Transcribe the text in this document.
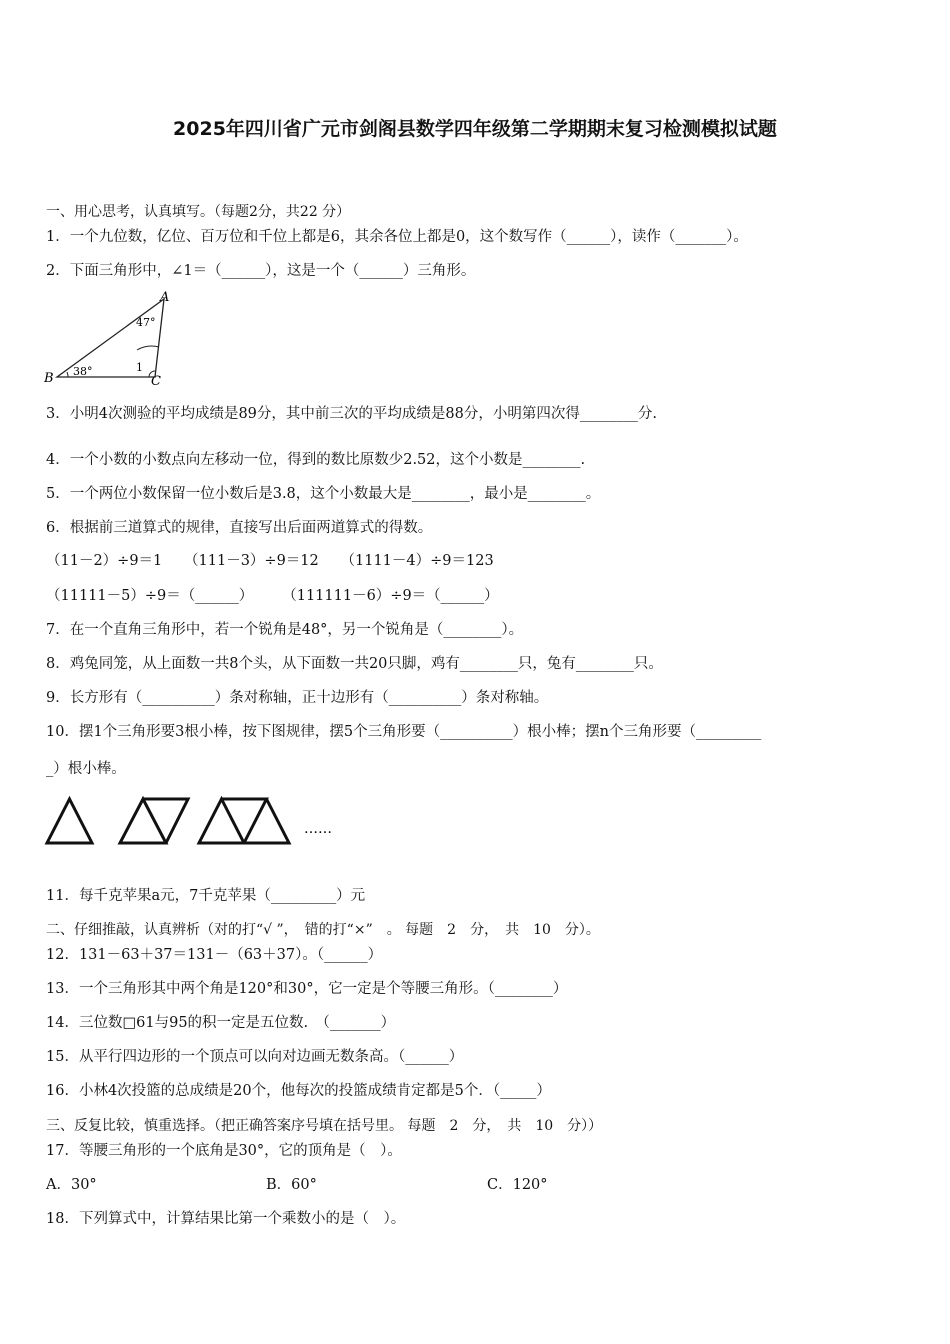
2025年四川省广元市剑阁县数学四年级第二学期期末复习检测模拟试题
一、用心思考，认真填写。（每题2分，共22 分）
1．一个九位数，亿位、百万位和千位上都是6，其余各位上都是0，这个数写作（______），读作（_______）。
2．下面三角形中，∠1＝（______），这是一个（______）三角形。
A
B	C
47°
38°	1
3．小明4次测验的平均成绩是89分，其中前三次的平均成绩是88分，小明第四次得________分.
4．一个小数的小数点向左移动一位，得到的数比原数少2.52，这个小数是________.
5．一个两位小数保留一位小数后是3.8，这个小数最大是________，最小是________。
6．根据前三道算式的规律，直接写出后面两道算式的得数。
（11－2）÷9＝1　　（111－3）÷9＝12　　（1111－4）÷9＝123
（11111－5）÷9＝（______）　　　（111111－6）÷9＝（______）
7．在一个直角三角形中，若一个锐角是48°，另一个锐角是（________）。
8．鸡兔同笼，从上面数一共8个头，从下面数一共20只脚，鸡有________只，兔有________只。
9．长方形有（__________）条对称轴，正十边形有（__________）条对称轴。
10．摆1个三角形要3根小棒，按下图规律，摆5个三角形要（__________）根小棒；摆n个三角形要（_________
_）根小棒。
……
11．每千克苹果a元，7千克苹果（_________）元
二、仔细推敲，认真辨析（对的打“√ ”，　错的打“×”　。 每题　2　分，　共　10　分）。
12．131－63＋37＝131－（63＋37）。（______）
13．一个三角形其中两个角是120°和30°，它一定是个等腰三角形。（________）
14．三位数□61与95的积一定是五位数.　（_______）
15．从平行四边形的一个顶点可以向对边画无数条高。（______）
16．小林4次投篮的总成绩是20个，他每次的投篮成绩肯定都是5个．（_____）
三、反复比较，慎重选择。（把正确答案序号填在括号里。 每题　2　分，　共　10　分））
17．等腰三角形的一个底角是30°，它的顶角是（　）。
A．30°	B．60°	C．120°
18．下列算式中，计算结果比第一个乘数小的是（　）。
